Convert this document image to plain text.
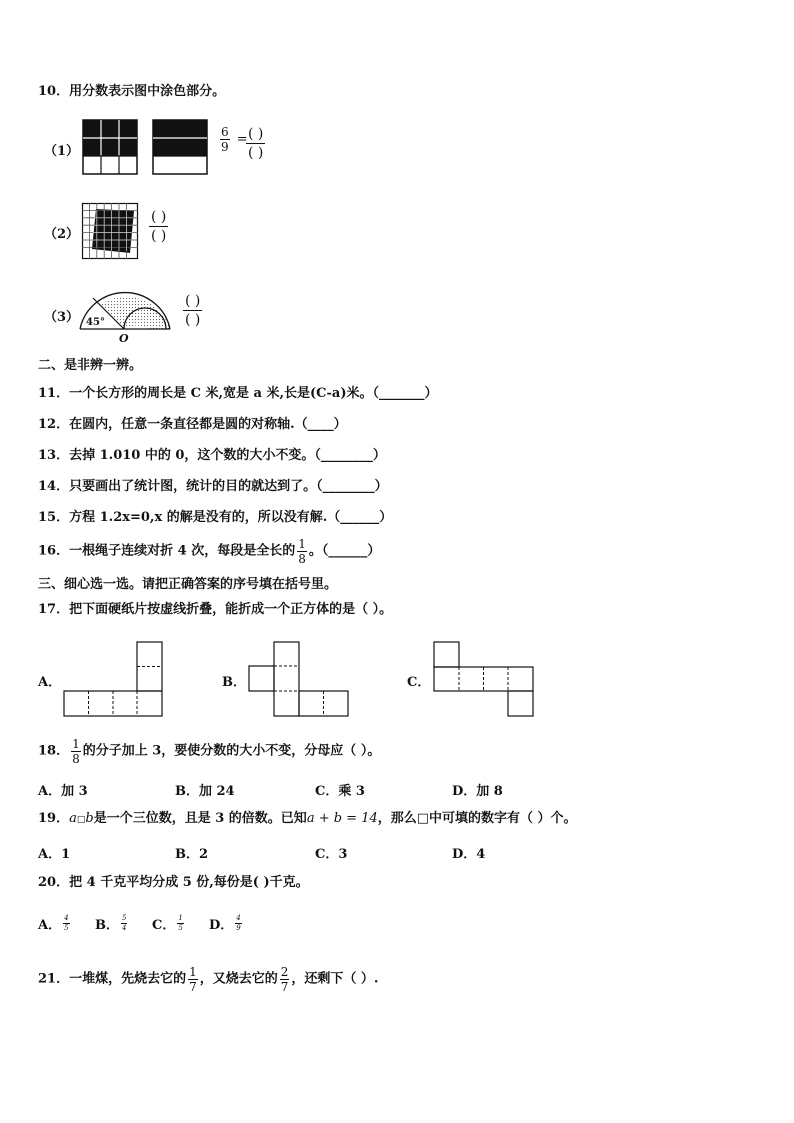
10．用分数表示图中涂色部分。
（1）	$\frac{6}{9}$ = ( )
( )
（2）
( )
( )
（3） 45°
O
( )
( )
二、是非辨一辨。
11．一个长方形的周长是 C 米,宽是 a 米,长是(C-a)米。（_______）
12．在圆内，任意一条直径都是圆的对称轴.（____）
13．去掉 1.010 中的 0，这个数的大小不变。（________）
14．只要画出了统计图，统计的目的就达到了。（________）
15．方程 1.2x=0,x 的解是没有的，所以没有解.（______）
16．一根绳子连续对折 4 次，每段是全长的 $\frac{1}{8}$ 。（______）
三、细心选一选。请把正确答案的序号填在括号里。
17．把下面硬纸片按虚线折叠，能折成一个正方体的是（ ）。
A．	B．	C．
18． $\frac{1}{8}$ 的分子加上 3，要使分数的大小不变，分母应（ ）。
A．加 3	B．加 24	C．乘 3	D．加 8
19．a□b是一个三位数，且是 3 的倍数。已知a + b = 14，那么□中可填的数字有（ ）个。
A．1	B．2	C．3	D．4
20．把 4 千克平均分成 5 份,每份是( )千克。
A． $\frac{4}{5}$ B． $\frac{5}{4}$ C． $\frac{1}{5}$ D． $\frac{4}{9}$
21．一堆煤，先烧去它的 $\frac{1}{7}$ ，又烧去它的 $\frac{2}{7}$ ，还剩下（ ）.
